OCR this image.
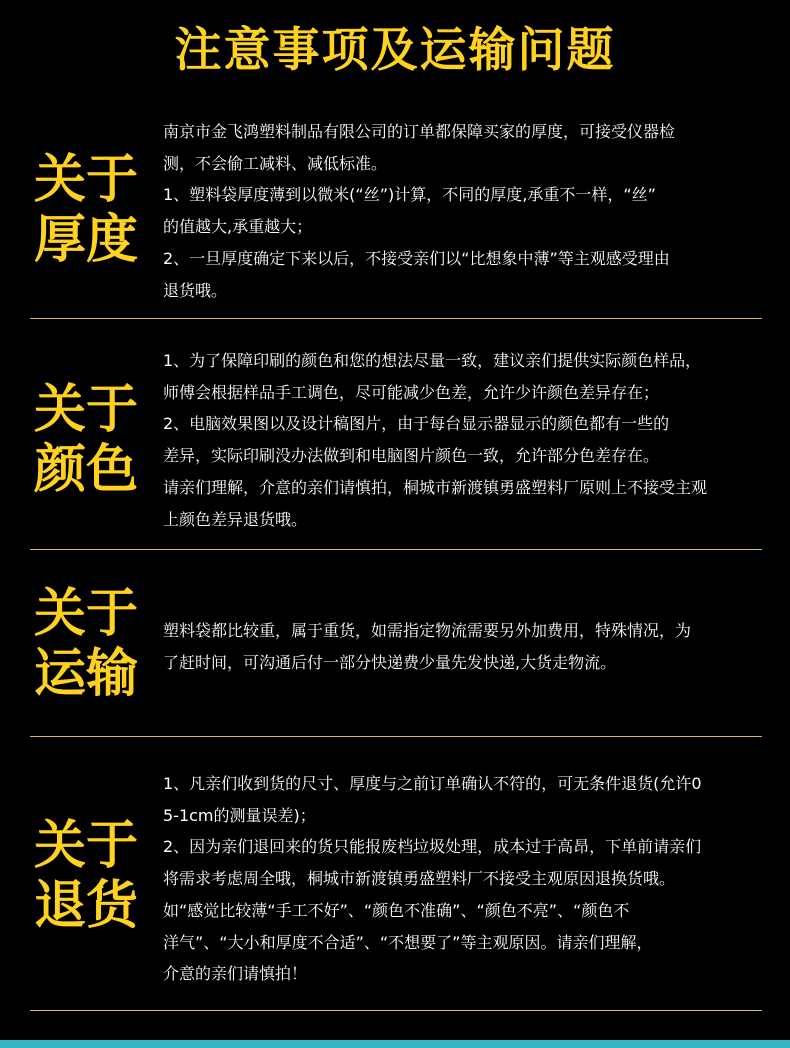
注意事项及运输问题
关于
厚度
南京市金飞鸿塑料制品有限公司的订单都保障买家的厚度，可接受仪器检
测，不会偷工减料、减低标准。
1、塑料袋厚度薄到以微米(“丝”)计算，不同的厚度,承重不一样，“丝”
的值越大,承重越大；
2、一旦厚度确定下来以后，不接受亲们以“比想象中薄”等主观感受理由
退货哦。
关于
颜色
1、为了保障印刷的颜色和您的想法尽量一致，建议亲们提供实际颜色样品，
师傅会根据样品手工调色，尽可能减少色差，允许少许颜色差异存在；
2、电脑效果图以及设计稿图片，由于每台显示器显示的颜色都有一些的
差异，实际印刷没办法做到和电脑图片颜色一致，允许部分色差存在。
请亲们理解，介意的亲们请慎拍，桐城市新渡镇勇盛塑料厂原则上不接受主观
上颜色差异退货哦。
关于
运输
塑料袋都比较重，属于重货，如需指定物流需要另外加费用，特殊情况，为
了赶时间，可沟通后付一部分快递费少量先发快递,大货走物流。
关于
退货
1、凡亲们收到货的尺寸、厚度与之前订单确认不符的，可无条件退货(允许0
5-1cm的测量误差)；
2、因为亲们退回来的货只能报废档垃圾处理，成本过于高昂，下单前请亲们
将需求考虑周全哦，桐城市新渡镇勇盛塑料厂不接受主观原因退换货哦。
如“感觉比较薄“手工不好”、“颜色不准确”、“颜色不亮”、“颜色不
洋气”、“大小和厚度不合适”、“不想要了”等主观原因。请亲们理解，
介意的亲们请慎拍！
